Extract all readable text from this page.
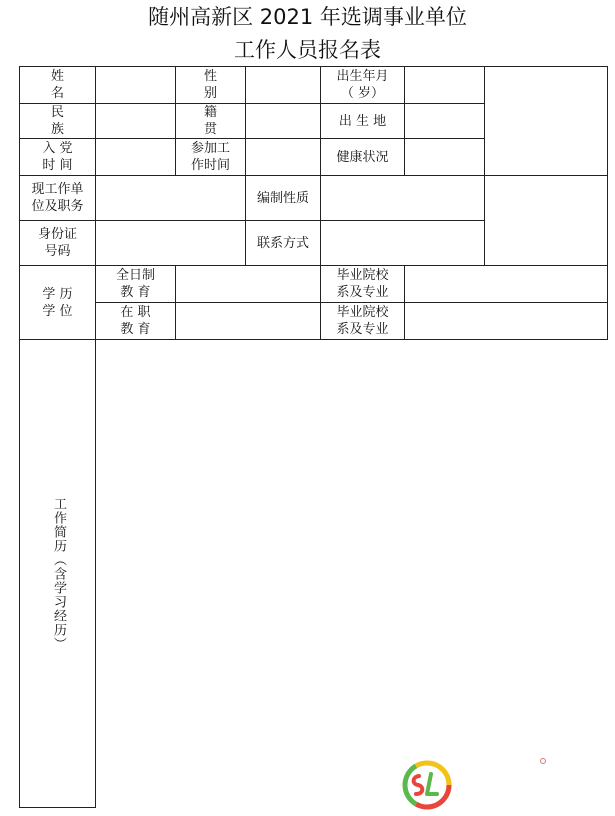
随州高新区 2021 年选调事业单位
工作人员报名表
姓 名
性 别
出生年月
（ 岁）
民 族
籍 贯
出 生 地
入 党
时 间
参加工
作时间
健康状况
现工作单
位及职务
编制性质
身份证
号码
联系方式
学 历
学 位
全日制
教 育
毕业院校
系及专业
在 职
教 育
毕业院校
系及专业
工作简历（含学习经历）
